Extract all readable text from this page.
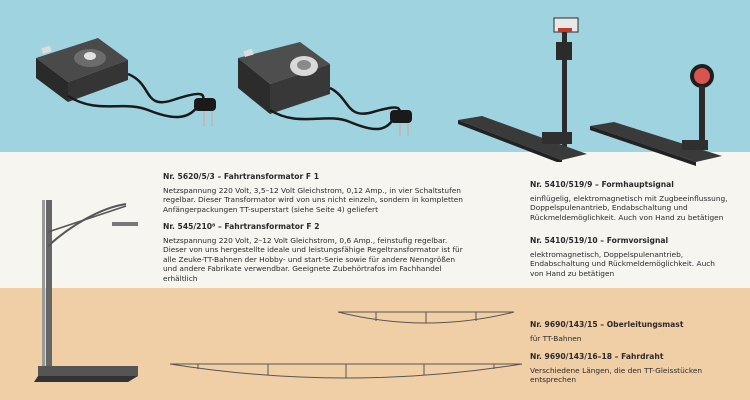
Nr. 5620/5/3 – Fahrtransformator F 1
Netzspannung 220 Volt, 3,5–12 Volt Gleichstrom, 0,12 Amp., in vier Schaltstufen regelbar. Dieser Transformator wird von uns nicht einzeln, sondern in kompletten Anfängerpackungen TT-superstart (siehe Seite 4) geliefert
Nr. 545/210⁸ – Fahrtransformator F 2
Netzspannung 220 Volt, 2–12 Volt Gleichstrom, 0,6 Amp., feinstufig regelbar. Dieser von uns hergestellte ideale und leistungsfähige Regeltransformator ist für alle Zeuke-TT-Bahnen der Hobby- und start-Serie sowie für andere Nenngrößen und andere Fabrikate verwendbar. Geeignete Zubehörtrafos im Fachhandel erhältlich
Nr. 5410/519/9 – Formhauptsignal
einflügelig, elektromagnetisch mit Zugbeeinflussung, Doppelspulenantrieb, Endabschaltung und Rückmeldemöglichkeit. Auch von Hand zu betätigen
Nr. 5410/519/10 – Formvorsignal
elektromagnetisch, Doppelspulenantrieb, Endabschaltung und Rückmeldemöglichkeit. Auch von Hand zu betätigen
Nr. 9690/143/15 – Oberleitungsmast
für TT-Bahnen
Nr. 9690/143/16–18 – Fahrdraht
Verschiedene Längen, die den TT-Gleisstücken entsprechen
